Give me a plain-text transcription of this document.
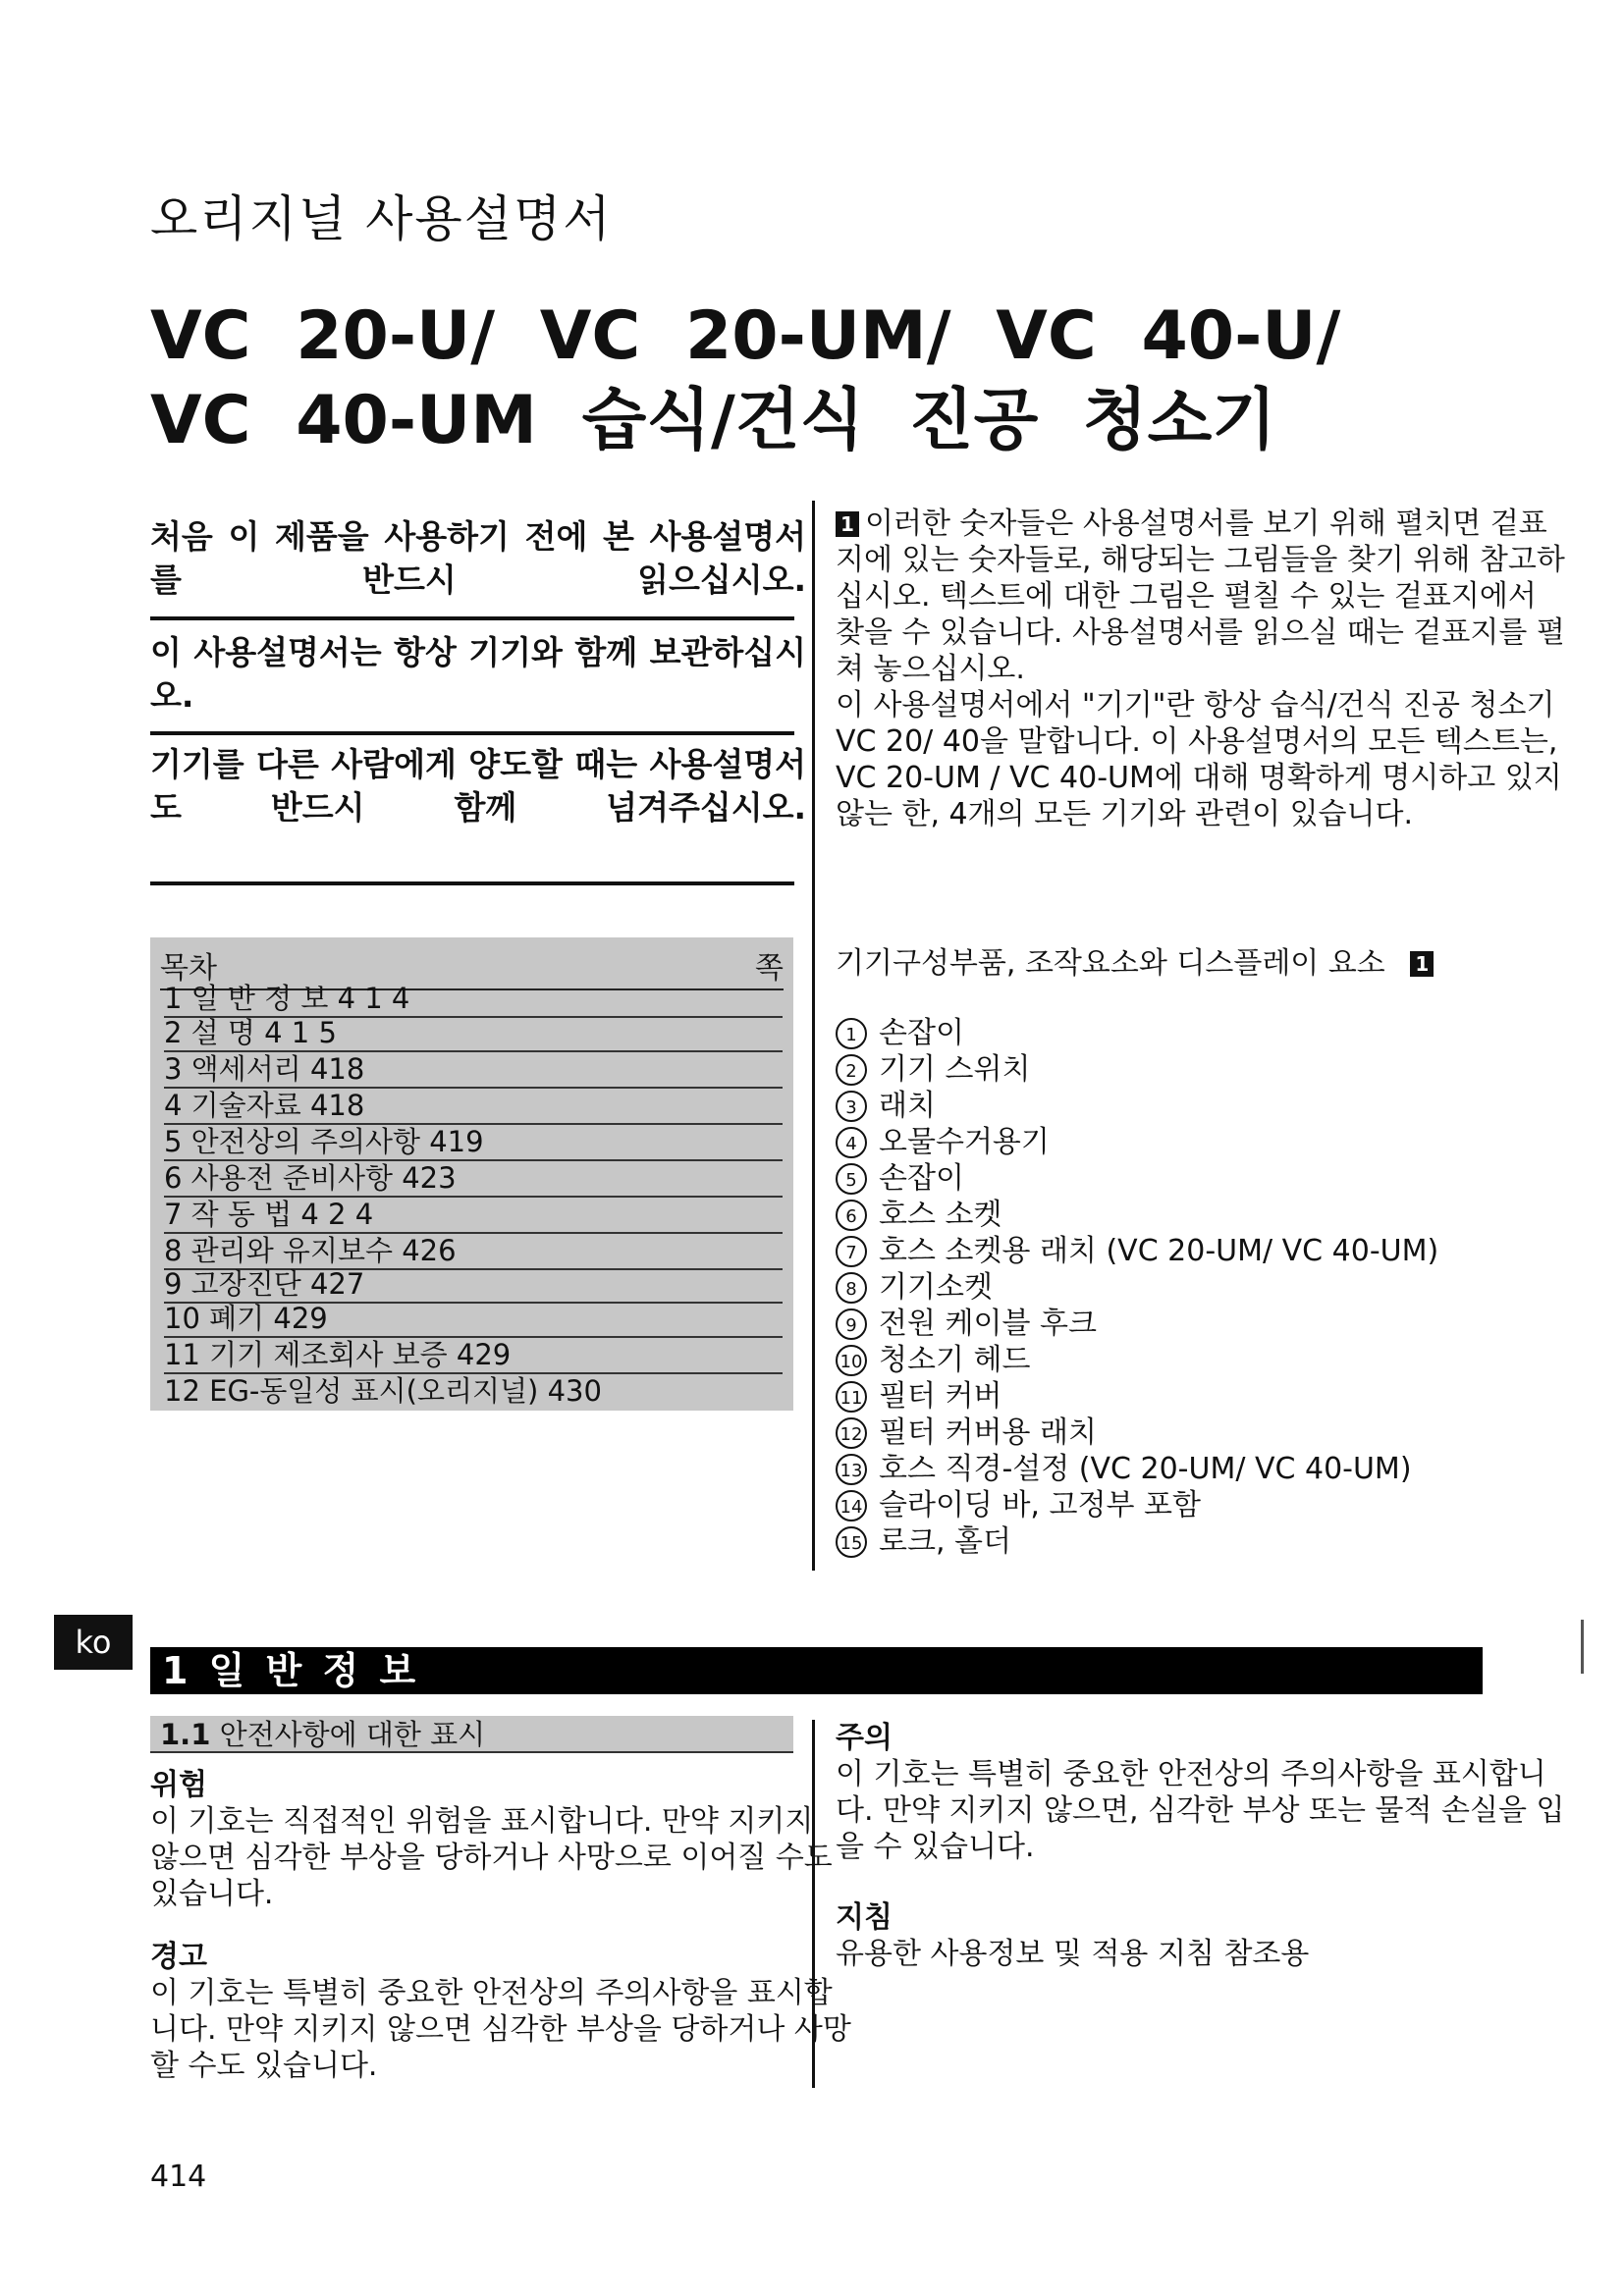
오리지널 사용설명서
VC 20-U/ VC 20-UM/ VC 40-U/
VC 40-UM 습식/건식 진공 청소기

처음 이 제품을 사용하기 전에 본 사용설명서를 반드시 읽으십시오.

이 사용설명서는 항상 기기와 함께 보관하십시오.

기기를 다른 사람에게 양도할 때는 사용설명서도 반드시 함께 넘겨주십시오.

목차	쪽
1 일 반 정 보 4 1 4
2 설 명 4 1 5
3 액세서리 418
4 기술자료 418
5 안전상의 주의사항 419
6 사용전 준비사항 423
7 작 동 법 4 2 4
8 관리와 유지보수 426
9 고장진단 427
10 폐기 429
11 기기 제조회사 보증 429
12 EG-동일성 표시(오리지널) 430

1 이러한 숫자들은 사용설명서를 보기 위해 펼치면 겉표지에 있는 숫자들로, 해당되는 그림들을 찾기 위해 참고하십시오. 텍스트에 대한 그림은 펼칠 수 있는 겉표지에서 찾을 수 있습니다. 사용설명서를 읽으실 때는 겉표지를 펼쳐 놓으십시오.

이 사용설명서에서 "기기"란 항상 습식/건식 진공 청소기 VC 20/ 40을 말합니다. 이 사용설명서의 모든 텍스트는, VC 20-UM / VC 40-UM에 대해 명확하게 명시하고 있지 않는 한, 4개의 모든 기기와 관련이 있습니다.

기기구성부품, 조작요소와 디스플레이 요소 1
1 손잡이
2 기기 스위치
3 래치
4 오물수거용기
5 손잡이
6 호스 소켓
7 호스 소켓용 래치 (VC 20-UM/ VC 40-UM)
8 기기소켓
9 전원 케이블 후크
10 청소기 헤드
11 필터 커버
12 필터 커버용 래치
13 호스 직경-설정 (VC 20-UM/ VC 40-UM)
14 슬라이딩 바, 고정부 포함
15 로크, 홀더
ko
1 일 반 정 보
1.1 안전사항에 대한 표시
위험

이 기호는 직접적인 위험을 표시합니다. 만약 지키지 않으면 심각한 부상을 당하거나 사망으로 이어질 수도 있습니다.

경고

이 기호는 특별히 중요한 안전상의 주의사항을 표시합니다. 만약 지키지 않으면 심각한 부상을 당하거나 사망할 수도 있습니다.

주의

이 기호는 특별히 중요한 안전상의 주의사항을 표시합니다. 만약 지키지 않으면, 심각한 부상 또는 물적 손실을 입을 수 있습니다.

지침

유용한 사용정보 및 적용 지침 참조용

414
